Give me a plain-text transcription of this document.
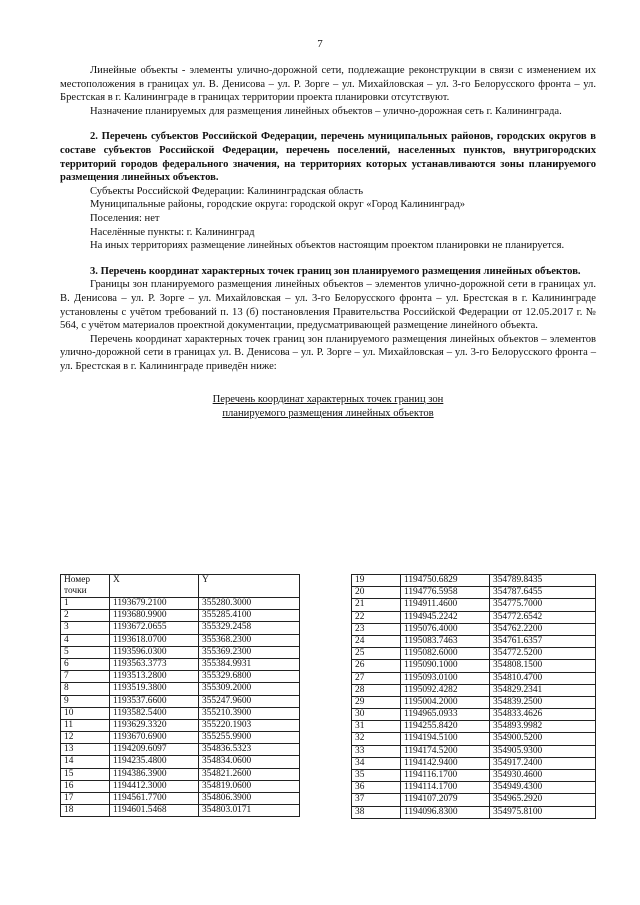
7

Линейные объекты - элементы улично-дорожной сети, подлежащие реконструкции в связи с изменением их местоположения в границах ул. В. Денисова – ул. Р. Зорге – ул. Михайловская – ул. 3-го Белорусского фронта – ул. Брестская в г. Калининграде в границах территории проекта планировки отсутствуют.

Назначение планируемых для размещения линейных объектов – улично-дорожная сеть г. Калининграда.

2. Перечень субъектов Российской Федерации, перечень муниципальных районов, городских округов в составе субъектов Российской Федерации, перечень поселений, населенных пунктов, внутригородских территорий городов федерального значения, на территориях которых устанавливаются зоны планируемого размещения линейных объектов.

Субъекты Российской Федерации: Калининградская область

Муниципальные районы, городские округа: городской округ «Город Калининград»

Поселения: нет

Населённые пункты: г. Калининград

На иных территориях размещение линейных объектов настоящим проектом планировки не планируется.

3. Перечень координат характерных точек границ зон планируемого размещения линейных объектов.

Границы зон планируемого размещения линейных объектов – элементов улично-дорожной сети в границах ул. В. Денисова – ул. Р. Зорге – ул. Михайловская – ул. 3-го Белорусского фронта – ул. Брестская в г. Калининграде установлены с учётом требований п. 13 (б) постановления Правительства Российской Федерации от 12.05.2017 г. № 564, с учётом материалов проектной документации, предусматривающей размещение линейного объекта.

Перечень координат характерных точек границ зон планируемого размещения линейных объектов – элементов улично-дорожной сети в границах ул. В. Денисова – ул. Р. Зорге – ул. Михайловская – ул. 3-го Белорусского фронта – ул. Брестская в г. Калининграде приведён ниже:

Перечень координат характерных точек границ зон
планируемого размещения линейных объектов
Номер точки	X	Y
1	1193679.2100	355280.3000
2	1193680.9900	355285.4100
3	1193672.0655	355329.2458
4	1193618.0700	355368.2300
5	1193596.0300	355369.2300
6	1193563.3773	355384.9931
7	1193513.2800	355329.6800
8	1193519.3800	355309.2000
9	1193537.6600	355247.9600
10	1193582.5400	355210.3900
11	1193629.3320	355220.1903
12	1193670.6900	355255.9900
13	1194209.6097	354836.5323
14	1194235.4800	354834.0600
15	1194386.3900	354821.2600
16	1194412.3000	354819.0600
17	1194561.7700	354806.3900
18	1194601.5468	354803.0171
19	1194750.6829	354789.8435
20	1194776.5958	354787.6455
21	1194911.4600	354775.7000
22	1194945.2242	354772.6542
23	1195076.4000	354762.2200
24	1195083.7463	354761.6357
25	1195082.6000	354772.5200
26	1195090.1000	354808.1500
27	1195093.0100	354810.4700
28	1195092.4282	354829.2341
29	1195004.2000	354839.2500
30	1194965.0933	354833.4626
31	1194255.8420	354893.9982
32	1194194.5100	354900.5200
33	1194174.5200	354905.9300
34	1194142.9400	354917.2400
35	1194116.1700	354930.4600
36	1194114.1700	354949.4300
37	1194107.2079	354965.2920
38	1194096.8300	354975.8100
